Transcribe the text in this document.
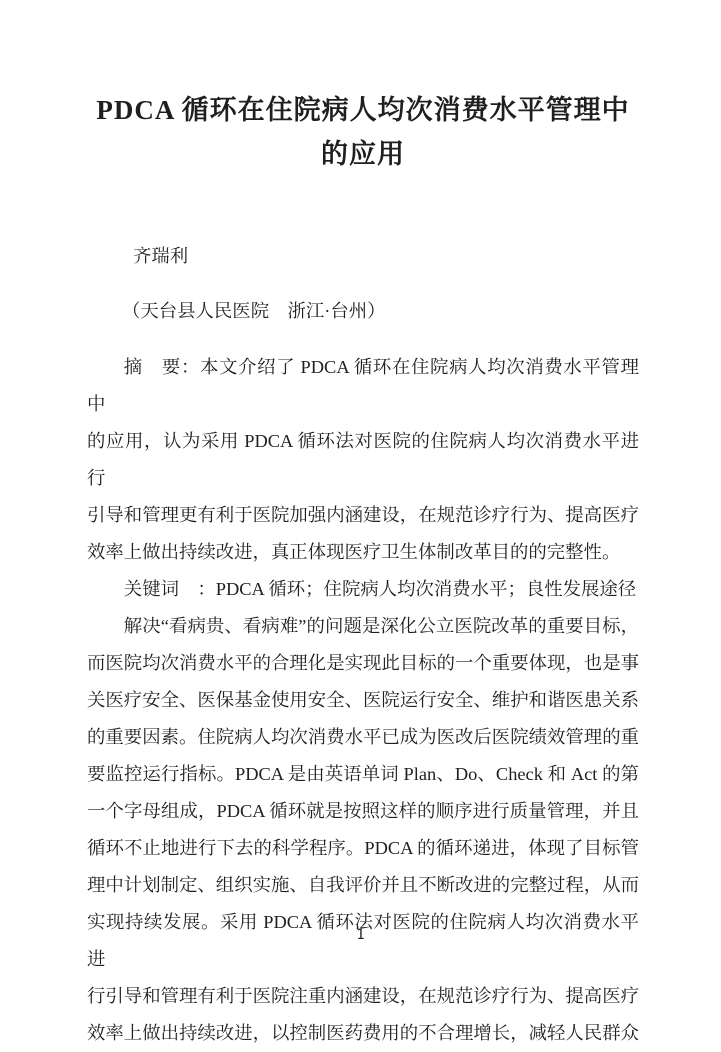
PDCA 循环在住院病人均次消费水平管理中
的应用

齐瑞利

（天台县人民医院　浙江·台州）

摘　要：本文介绍了 PDCA 循环在住院病人均次消费水平管理中
的应用，认为采用 PDCA 循环法对医院的住院病人均次消费水平进行
引导和管理更有利于医院加强内涵建设，在规范诊疗行为、提高医疗
效率上做出持续改进，真正体现医疗卫生体制改革目的的完整性。
关键词　：PDCA 循环；住院病人均次消费水平；良性发展途径
解决“看病贵、看病难”的问题是深化公立医院改革的重要目标，
而医院均次消费水平的合理化是实现此目标的一个重要体现，也是事
关医疗安全、医保基金使用安全、医院运行安全、维护和谐医患关系
的重要因素。住院病人均次消费水平已成为医改后医院绩效管理的重
要监控运行指标。PDCA 是由英语单词 Plan、Do、Check 和 Act 的第
一个字母组成，PDCA 循环就是按照这样的顺序进行质量管理，并且
循环不止地进行下去的科学程序。PDCA 的循环递进，体现了目标管
理中计划制定、组织实施、自我评价并且不断改进的完整过程，从而
实现持续发展。采用 PDCA 循环法对医院的住院病人均次消费水平进
行引导和管理有利于医院注重内涵建设，在规范诊疗行为、提高医疗
效率上做出持续改进，以控制医药费用的不合理增长，减轻人民群众
1
